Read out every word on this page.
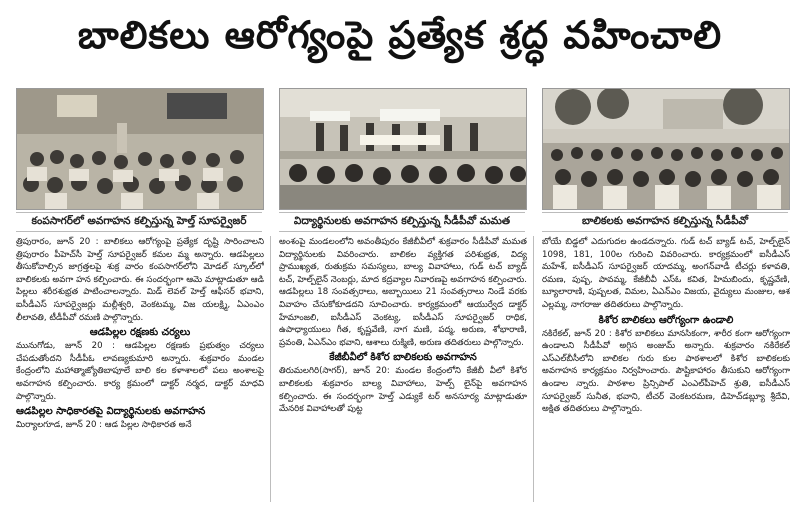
బాలికలు ఆరోగ్యంపై ప్రత్యేక శ్రద్ధ వహించాలి
కంపసాగర్‌లో అవగాహన కల్పిస్తున్న హెల్త్ సూపర్వైజర్	విద్యార్థినులకు అవగాహన కల్పిస్తున్న సీడీపీవో మమత	బాలికలకు అవగాహన కల్పిస్తున్న సీడీపీవో

త్రిపురారం, జూన్ 20 : బాలికలు ఆరోగ్యంపై ప్రత్యేక దృష్టి సారించాలని త్రిపురారం పీహెచ్‌సీ హెల్త్ సూపర్వైజర్ కమల మ్మ అన్నారు. ఆడపిల్లలు తీసుకోవాల్సిన జాగ్రత్తలపై శుక్ర వారం కంపసాగర్‌లోని మోడల్ స్కూల్‌లో బాలికలకు అవగా హన కల్పించారు. ఈ సందర్భంగా ఆమె మాట్లాడుతూ ఆడి పిల్లలు శరీరశుభ్రత పాటించాలన్నారు. మిడ్ లెవల్ హెల్త్ ఆఫీసర్ భవాని, ఐసీడీఎస్ సూపర్వైజర్లు మల్లీశ్వరి, వెంకటమ్మ, విజ యలక్ష్మి, ఏఎంఎం లీలావతి, టీడీపీవో రమణి పాల్గొన్నారు.

ఆడపిల్లల రక్షణకు చర్యలు

మునుగోడు, జూన్ 20 : ఆడపిల్లల రక్షణకు ప్రభుత్వం చర్యలు చేపడుతోందని సీడీపీఓ లావణ్యకుమారి అన్నారు. శుక్రవారం మండల కేంద్రంలోని మహాత్మాజ్యోతిబాపూలే బాలి కల కళాశాలలో పలు అంశాలపై అవగాహన కల్పించారు. కార్య క్రమంలో డాక్టర్ నర్మద, డాక్టర్ మాధవి పాల్గొన్నారు.

ఆడపిల్లల సాధికారతపై విద్యార్థినులకు అవగాహన

మిర్యాలగూడ, జూన్ 20 : ఆడ పిల్లల సాధికారత అనే

అంశంపై మండలంలోని అవంతీపురం కేజీబీవీలో శుక్రవారం సీడీపీవో మమత విద్యార్థినులకు వివరించారు. బాలికల వ్యక్తిగత పరిశుభ్రత, విద్య ప్రాముఖ్యత, రుతుక్రమ సమస్యలు, బాల్య వివాహాలు, గుడ్ టచ్ బ్యాడ్ టచ్, హెల్ప్‌లైన్ నెంబర్లు, మాద కద్రవ్యాల నివారణపై అవగాహన కల్పించారు. ఆడపిల్లలు 18 సంవత్సరాలు, అబ్బాయిలు 21 సంవత్సరాలు నిండే వరకు వివాహం చేసుకోకూడదని సూచించారు. కార్యక్రమంలో ఆయుర్వేద డాక్టర్ హేమాంజలి, ఐసీడీఎస్ వెంకట్య, ఐసీడీఎస్ సూపర్వైజర్ రాధిక, ఉపాధ్యాయులు గీత, కృష్ణవేణి, నాగ మణి, పద్మ, అరుణ, శోభారాణి, ప్రవంతి, ఏఎన్ఎం భవాని, ఆశాలు రుక్మిణి, అరుణ తదితరులు పాల్గొన్నారు.

కేజీబీవీలో కిశోర బాలికలకు అవగాహన

తిరుమలగిరి(సాగర్), జూన్ 20: మండల కేంద్రంలోని కేజీబీ వీలో కిశోర బాలికలకు శుక్రవారం బాల్య వివాహాలు, హెల్ప్ లైన్‌పై అవగాహన కల్పించారు. ఈ సందర్భంగా హెల్త్ ఎడ్యుకే టర్ అనసూర్య మాట్లాడుతూ మేనరిక వివాహాలతో పుట్ట

బోయే బిడ్డలో ఎదుగుదల ఉండదన్నారు. గుడ్ టచ్ బ్యాడ్ టచ్, హెల్ప్‌లైన్ 1098, 181, 100ల గురించి వివరించారు. కార్యక్రమంలో ఐసీడీఎస్ మహేశ్, ఐసీడీఎస్ సూపర్వైజర్ యాదమ్మ, అంగన్‌వాడీ టీచర్లు కళావతి, రమణ, పుష్ప, పావమ్మ, కేజీబీవీ ఎస్‌ఓ కవిత, హిమబిందు, కృష్ణవేణి, బ్యూలారాణి, పుష్పలత, విమల, ఏఎన్ఎం విజయ, వైద్యులు మంజుల, ఆశ ఎల్లమ్మ, నాగరాజు తదితరులు పాల్గొన్నారు.

కిశోర బాలికలు ఆరోగ్యంగా ఉండాలి

నకిరేకల్, జూన్ 20 : కిశోర బాలికలు మానసికంగా, శారీర కంగా ఆరోగ్యంగా ఉండాలని సీడీపీవో అగ్గిస అంజుమ్ అన్నారు. శుక్రవారం నకిరేకల్ ఎస్‌ఎల్‌బీసీలోని బాలికల గురు కుల పాఠశాలలో కిశోర బాలికలకు అవగాహన కార్యక్రమం నిర్వహించారు. పౌష్టికాహారం తీసుకుని ఆరోగ్యంగా ఉండాల న్నారు. పాఠశాల ప్రిన్సిపాల్ ఎంఎల్‌పీహెచ్ శ్రుతి, ఐసీడీఎస్ సూపర్వైజర్ సునీత, భవాని, టీచర్ వెంకటరమణ, డిహెచ్‌డబ్ల్యూ శ్రీదేవి, అక్షిత తదితరులు పాల్గొన్నారు.
